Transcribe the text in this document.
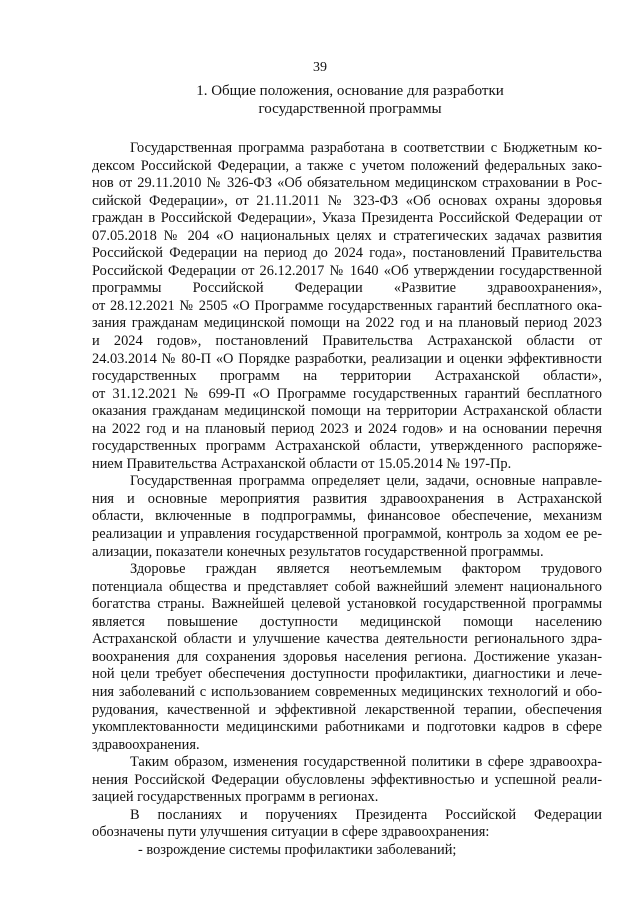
39
1. Общие положения, основание для разработки
государственной программы
Государственная программа разработана в соответствии с Бюджетным ко-
дексом Российской Федерации, а также с учетом положений федеральных зако-
нов от 29.11.2010 № 326-ФЗ «Об обязательном медицинском страховании в Рос-
сийской Федерации», от 21.11.2011 № 323-ФЗ «Об основах охраны здоровья
граждан в Российской Федерации», Указа Президента Российской Федерации от
07.05.2018 № 204 «О национальных целях и стратегических задачах развития
Российской Федерации на период до 2024 года», постановлений Правительства
Российской Федерации от 26.12.2017 № 1640 «Об утверждении государственной
программы Российской Федерации «Развитие здравоохранения»,
от 28.12.2021 № 2505 «О Программе государственных гарантий бесплатного ока-
зания гражданам медицинской помощи на 2022 год и на плановый период 2023
и 2024 годов», постановлений Правительства Астраханской области от
24.03.2014 № 80-П «О Порядке разработки, реализации и оценки эффективности
государственных программ на территории Астраханской области»,
от 31.12.2021 № 699-П «О Программе государственных гарантий бесплатного
оказания гражданам медицинской помощи на территории Астраханской области
на 2022 год и на плановый период 2023 и 2024 годов» и на основании перечня
государственных программ Астраханской области, утвержденного распоряже-
нием Правительства Астраханской области от 15.05.2014 № 197-Пр.
Государственная программа определяет цели, задачи, основные направле-
ния и основные мероприятия развития здравоохранения в Астраханской
области, включенные в подпрограммы, финансовое обеспечение, механизм
реализации и управления государственной программой, контроль за ходом ее ре-
ализации, показатели конечных результатов государственной программы.
Здоровье граждан является неотъемлемым фактором трудового
потенциала общества и представляет собой важнейший элемент национального
богатства страны. Важнейшей целевой установкой государственной программы
является повышение доступности медицинской помощи населению
Астраханской области и улучшение качества деятельности регионального здра-
воохранения для сохранения здоровья населения региона. Достижение указан-
ной цели требует обеспечения доступности профилактики, диагностики и лече-
ния заболеваний с использованием современных медицинских технологий и обо-
рудования, качественной и эффективной лекарственной терапии, обеспечения
укомплектованности медицинскими работниками и подготовки кадров в сфере
здравоохранения.
Таким образом, изменения государственной политики в сфере здравоохра-
нения Российской Федерации обусловлены эффективностью и успешной реали-
зацией государственных программ в регионах.
В посланиях и поручениях Президента Российской Федерации
обозначены пути улучшения ситуации в сфере здравоохранения:
- возрождение системы профилактики заболеваний;
